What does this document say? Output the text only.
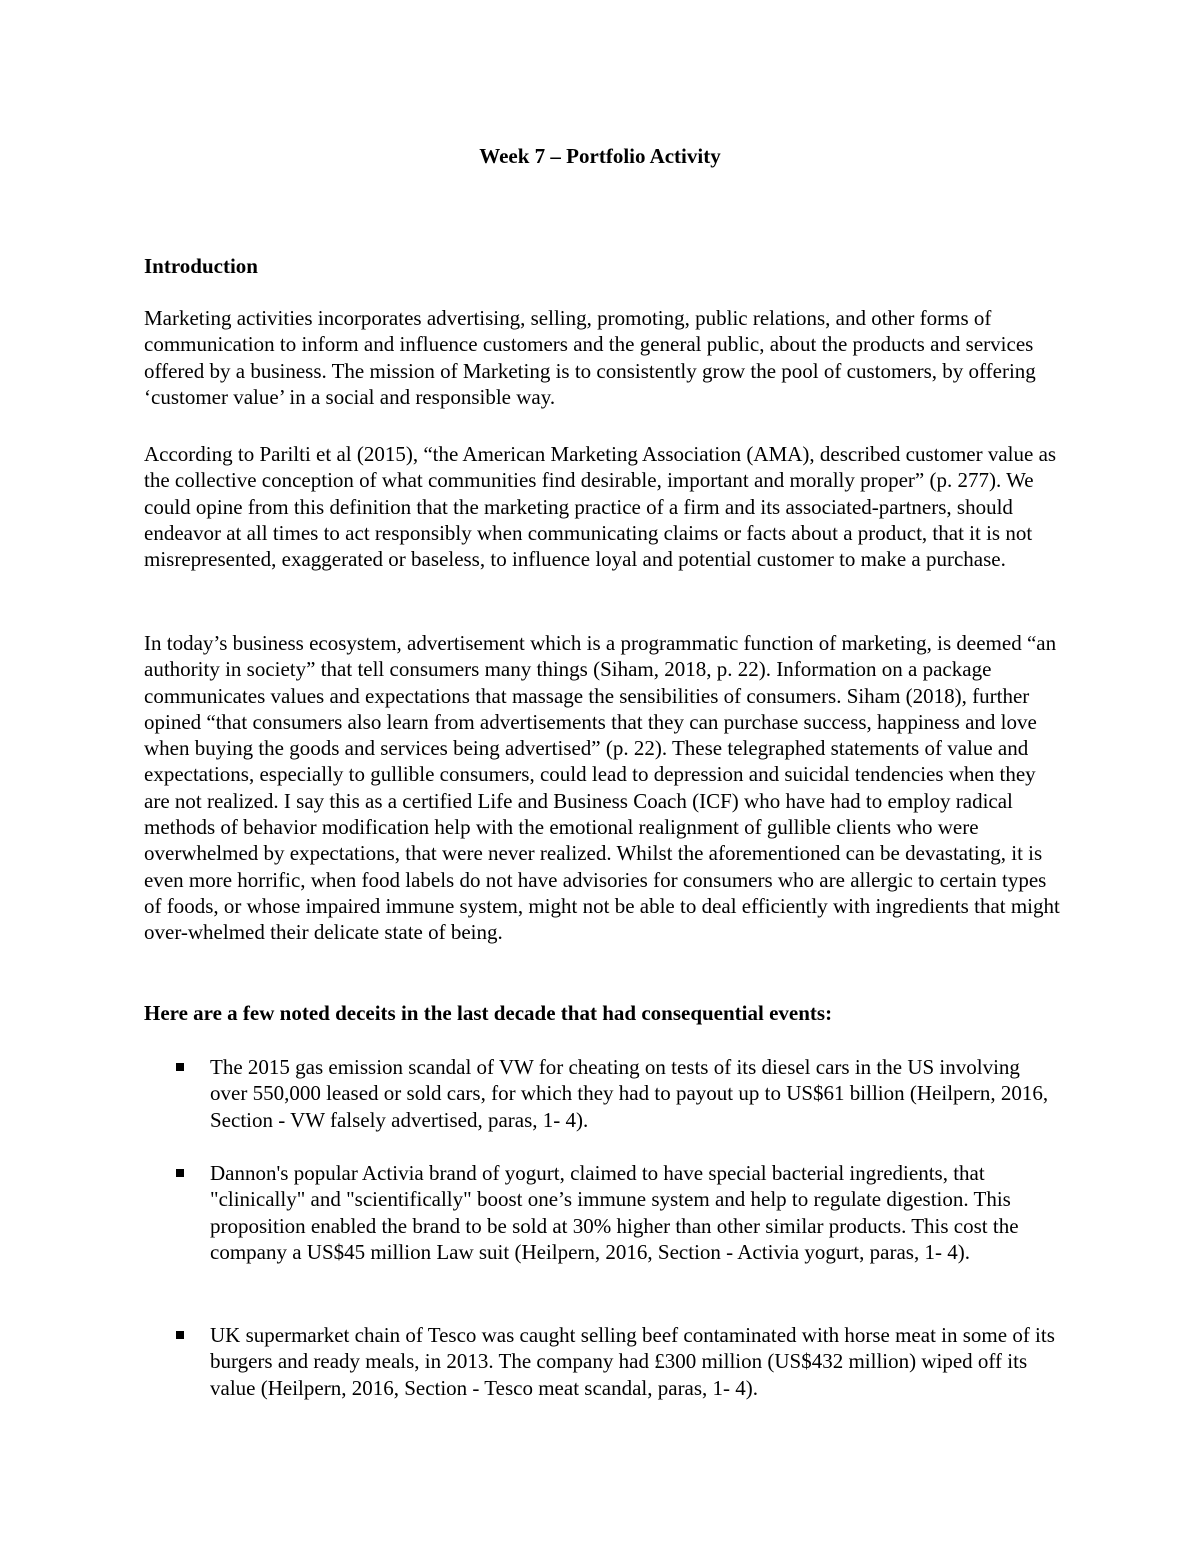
Week 7 – Portfolio Activity
Introduction

Marketing activities incorporates advertising, selling, promoting, public relations, and other forms of communication to inform and influence customers and the general public, about the products and services offered by a business. The mission of Marketing is to consistently grow the pool of customers, by offering ‘customer value’ in a social and responsible way.

According to Parilti et al (2015), “the American Marketing Association (AMA), described customer value as the collective conception of what communities find desirable, important and morally proper” (p. 277). We could opine from this definition that the marketing practice of a firm and its associated-partners, should endeavor at all times to act responsibly when communicating claims or facts about a product, that it is not misrepresented, exaggerated or baseless, to influence loyal and potential customer to make a purchase.

In today’s business ecosystem, advertisement which is a programmatic function of marketing, is deemed “an authority in society” that tell consumers many things (Siham, 2018, p. 22). Information on a package communicates values and expectations that massage the sensibilities of consumers. Siham (2018), further opined “that consumers also learn from advertisements that they can purchase success, happiness and love when buying the goods and services being advertised” (p. 22). These telegraphed statements of value and expectations, especially to gullible consumers, could lead to depression and suicidal tendencies when they are not realized. I say this as a certified Life and Business Coach (ICF) who have had to employ radical methods of behavior modification help with the emotional realignment of gullible clients who were overwhelmed by expectations, that were never realized. Whilst the aforementioned can be devastating, it is even more horrific, when food labels do not have advisories for consumers who are allergic to certain types of foods, or whose impaired immune system, might not be able to deal efficiently with ingredients that might over-whelmed their delicate state of being.

Here are a few noted deceits in the last decade that had consequential events:
The 2015 gas emission scandal of VW for cheating on tests of its diesel cars in the US involving over 550,000 leased or sold cars, for which they had to payout up to US$61 billion (Heilpern, 2016, Section - VW falsely advertised, paras, 1- 4).
Dannon's popular Activia brand of yogurt, claimed to have special bacterial ingredients, that "clinically" and "scientifically" boost one’s immune system and help to regulate digestion. This proposition enabled the brand to be sold at 30% higher than other similar products. This cost the company a US$45 million Law suit (Heilpern, 2016, Section - Activia yogurt, paras, 1- 4).
UK supermarket chain of Tesco was caught selling beef contaminated with horse meat in some of its burgers and ready meals, in 2013. The company had £300 million (US$432 million) wiped off its value (Heilpern, 2016, Section - Tesco meat scandal, paras, 1- 4).
